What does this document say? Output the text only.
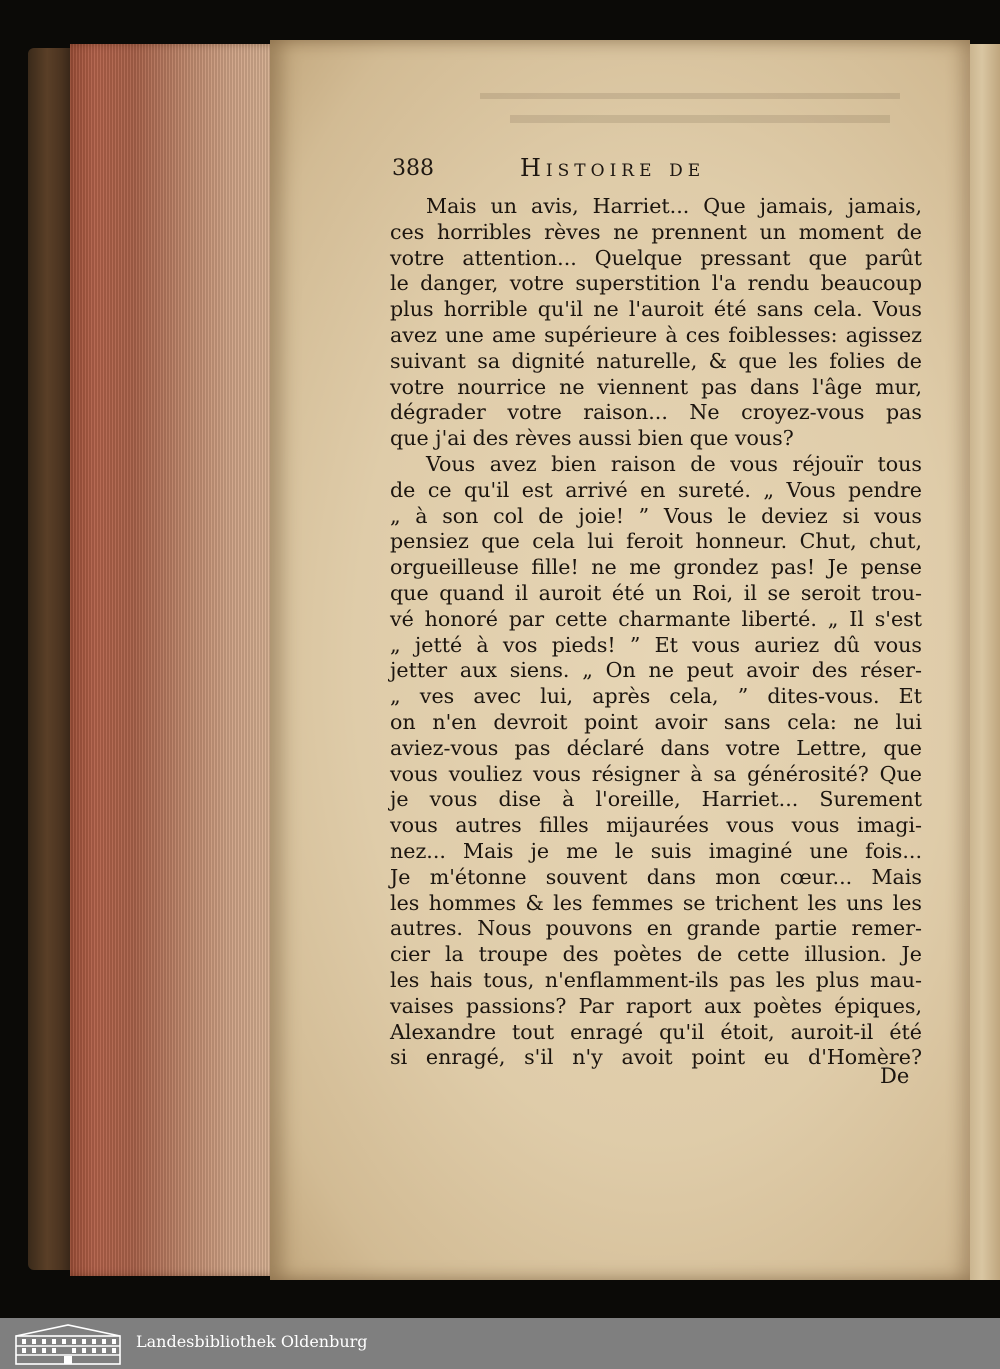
388	Histoire de
Mais un avis, Harriet... Que jamais, jamais,
ces horribles rèves ne prennent un moment de
votre attention... Quelque pressant que parût
le danger, votre superstition l'a rendu beaucoup
plus horrible qu'il ne l'auroit été sans cela. Vous
avez une ame supérieure à ces foiblesses: agissez
suivant sa dignité naturelle, & que les folies de
votre nourrice ne viennent pas dans l'âge mur,
dégrader votre raison... Ne croyez-vous pas
que j'ai des rèves aussi bien que vous?
Vous avez bien raison de vous réjouïr tous
de ce qu'il est arrivé en sureté. „ Vous pendre
„ à son col de joie! ” Vous le deviez si vous
pensiez que cela lui feroit honneur. Chut, chut,
orgueilleuse fille! ne me grondez pas! Je pense
que quand il auroit été un Roi, il se seroit trou-
vé honoré par cette charmante liberté. „ Il s'est
„ jetté à vos pieds! ” Et vous auriez dû vous
jetter aux siens. „ On ne peut avoir des réser-
„ ves avec lui, après cela, ” dites-vous. Et
on n'en devroit point avoir sans cela: ne lui
aviez-vous pas déclaré dans votre Lettre, que
vous vouliez vous résigner à sa générosité? Que
je vous dise à l'oreille, Harriet... Surement
vous autres filles mijaurées vous vous imagi-
nez... Mais je me le suis imaginé une fois...
Je m'étonne souvent dans mon cœur... Mais
les hommes & les femmes se trichent les uns les
autres. Nous pouvons en grande partie remer-
cier la troupe des poètes de cette illusion. Je
les hais tous, n'enflamment-ils pas les plus mau-
vaises passions? Par raport aux poètes épiques,
Alexandre tout enragé qu'il étoit, auroit-il été
si enragé, s'il n'y avoit point eu d'Homère?
De
Landesbibliothek Oldenburg
